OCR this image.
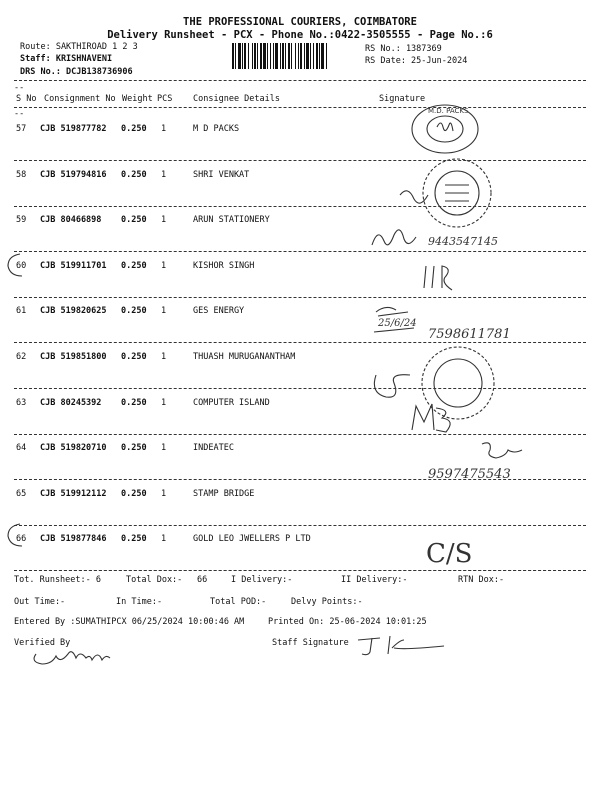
THE PROFESSIONAL COURIERS, COIMBATORE
Delivery Runsheet - PCX - Phone No.:0422-3505555 - Page No.:6
Route: SAKTHIROAD 1 2 3
Staff: KRISHNAVENI
DRS No.: DCJB138736906
RS No.: 1387369
RS Date: 25-Jun-2024
--
S No Consignment No Weight PCS Consignee Details	Signature
--
57 CJB 519877782 0.250 1	M D PACKS
58 CJB 519794816 0.250 1	SHRI VENKAT
59 CJB 80466898 0.250 1	ARUN STATIONERY
60 CJB 519911701 0.250 1	KISHOR SINGH
61 CJB 519820625 0.250 1	GES ENERGY
62 CJB 519851800 0.250 1	THUASH MURUGANANTHAM
63 CJB 80245392 0.250 1	COMPUTER ISLAND
64 CJB 519820710 0.250 1	INDEATEC
65 CJB 519912112 0.250 1	STAMP BRIDGE
66 CJB 519877846 0.250 1	GOLD LEO JWELLERS P LTD
M.D. PACKS
9443547145
25/6/24
7598611781
9597475543
C/S
Tot. Runsheet:- 6	Total Dox:- 66	I Delivery:-	II Delivery:-	RTN Dox:-
Out Time:-	In Time:-	Total POD:-	Delvy Points:-
Entered By :SUMATHIPCX 06/25/2024 10:00:46 AM	Printed On: 25-06-2024 10:01:25
Verified By	Staff Signature
